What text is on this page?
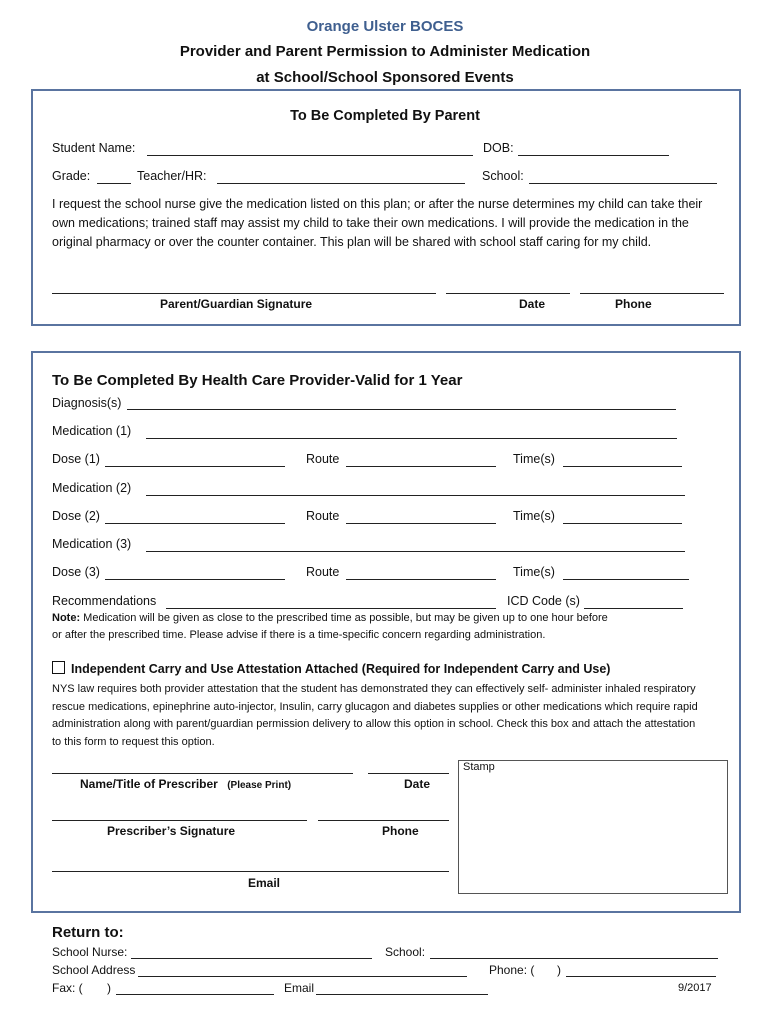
Orange Ulster BOCES
Provider and Parent Permission to Administer Medication
at School/School Sponsored Events
To Be Completed By Parent
Student Name:	DOB:
Grade:	Teacher/HR:	School:
I request the school nurse give the medication listed on this plan; or after the nurse determines my child can take their own medications; trained staff may assist my child to take their own medications. I will provide the medication in the original pharmacy or over the counter container. This plan will be shared with school staff caring for my child.
Parent/Guardian Signature	Date	Phone
To Be Completed By Health Care Provider-Valid for 1 Year
Diagnosis(s)
Medication (1)
Dose (1)	Route	Time(s)
Medication (2)
Dose (2)	Route	Time(s)
Medication (3)
Dose (3)	Route	Time(s)
Recommendations	ICD Code (s)
Note: Medication will be given as close to the prescribed time as possible, but may be given up to one hour before
or after the prescribed time. Please advise if there is a time-specific concern regarding administration.
Independent Carry and Use Attestation Attached (Required for Independent Carry and Use)
NYS law requires both provider attestation that the student has demonstrated they can effectively self- administer inhaled respiratory rescue medications, epinephrine auto-injector, Insulin, carry glucagon and diabetes supplies or other medications which require rapid administration along with parent/guardian permission delivery to allow this option in school. Check this box and attach the attestation to this form to request this option.
Name/Title of Prescriber (Please Print)	Date
Stamp
Prescriber’s Signature	Phone
Email
Return to:
School Nurse:	School:
School Address	Phone: ( )
Fax: ( )	Email	9/2017
